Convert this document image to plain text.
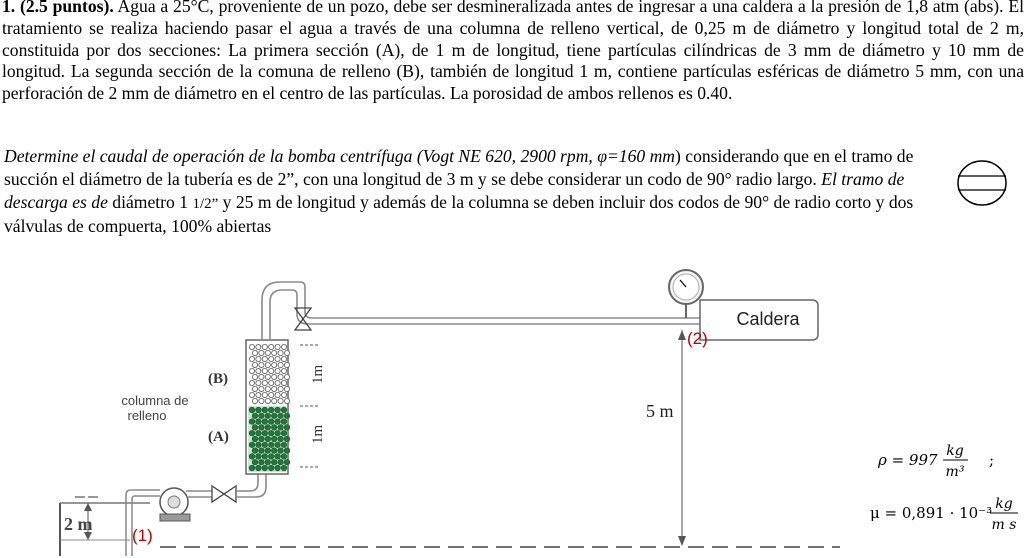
1. (2.5 puntos). Agua a 25°C, proveniente de un pozo, debe ser desmineralizada antes de ingresar a una caldera a la presión de 1,8 atm (abs). El tratamiento se realiza haciendo pasar el agua a través de una columna de relleno vertical, de 0,25 m de diámetro y longitud total de 2 m, constituida por dos secciones: La primera sección (A), de 1 m de longitud, tiene partículas cilíndricas de 3 mm de diámetro y 10 mm de longitud. La segunda sección de la comuna de relleno (B), también de longitud 1 m, contiene partículas esféricas de diámetro 5 mm, con una perforación de 2 mm de diámetro en el centro de las partículas. La porosidad de ambos rellenos es 0.40.
Determine el caudal de operación de la bomba centrífuga (Vogt NE 620, 2900 rpm, φ=160 mm) considerando que en el tramo de succión el diámetro de la tubería es de 2”, con una longitud de 3 m y se debe considerar un codo de 90° radio largo. El tramo de descarga es de diámetro 1 1/2” y 25 m de longitud y además de la columna se deben incluir dos codos de 90° de radio corto y dos válvulas de compuerta, 100% abiertas
Caldera
(2)
5 m
2 m
(1)
(B)
(A)
columna de
relleno
1m
1m
ρ = 997 kg
m³
;
μ = 0,891 · 10⁻³ kg
m s
